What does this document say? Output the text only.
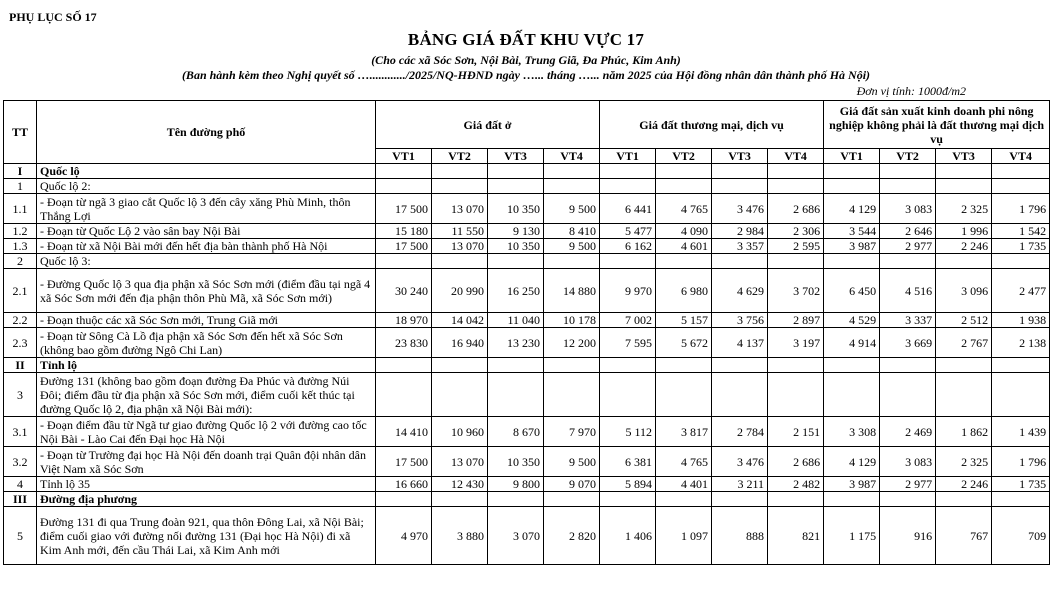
PHỤ LỤC SỐ 17
BẢNG GIÁ ĐẤT KHU VỰC 17
(Cho các xã Sóc Sơn, Nội Bài, Trung Giã, Đa Phúc, Kim Anh)
(Ban hành kèm theo Nghị quyết số …............/2025/NQ-HĐND ngày …... tháng …... năm 2025 của Hội đồng nhân dân thành phố Hà Nội)
Đơn vị tính: 1000đ/m2
TT	Tên đường phố	Giá đất ở				Giá đất thương mại, dịch vụ				Giá đất sản xuất kinh doanh phi nông nghiệp không phải là đất thương mại dịch vụ			
		VT1	VT2	VT3	VT4	VT1	VT2	VT3	VT4	VT1	VT2	VT3	VT4
I	Quốc lộ												
1	Quốc lộ 2:												
1.1	- Đoạn từ ngã 3 giao cắt Quốc lộ 3 đến cây xăng Phù Minh, thôn Thắng Lợi	17 500	13 070	10 350	9 500	6 441	4 765	3 476	2 686	4 129	3 083	2 325	1 796
1.2	- Đoạn từ Quốc Lộ 2 vào sân bay Nội Bài	15 180	11 550	9 130	8 410	5 477	4 090	2 984	2 306	3 544	2 646	1 996	1 542
1.3	- Đoạn từ xã Nội Bài mới đến hết địa bàn thành phố Hà Nội	17 500	13 070	10 350	9 500	6 162	4 601	3 357	2 595	3 987	2 977	2 246	1 735
2	Quốc lộ 3:												
2.1	- Đường Quốc lộ 3 qua địa phận xã Sóc Sơn mới (điểm đầu tại ngã 4 xã Sóc Sơn mới đến địa phận thôn Phù Mã, xã Sóc Sơn mới)	30 240	20 990	16 250	14 880	9 970	6 980	4 629	3 702	6 450	4 516	3 096	2 477
2.2	- Đoạn thuộc các xã Sóc Sơn mới, Trung Giã mới	18 970	14 042	11 040	10 178	7 002	5 157	3 756	2 897	4 529	3 337	2 512	1 938
2.3	- Đoạn từ Sông Cà Lồ địa phận xã Sóc Sơn đến hết xã Sóc Sơn (không bao gồm đường Ngô Chi Lan)	23 830	16 940	13 230	12 200	7 595	5 672	4 137	3 197	4 914	3 669	2 767	2 138
II	Tỉnh lộ												
3	Đường 131 (không bao gồm đoạn đường Đa Phúc và đường Núi Đôi; điểm đầu từ địa phận xã Sóc Sơn mới, điểm cuối kết thúc tại đường Quốc lộ 2, địa phận xã Nội Bài mới):												
3.1	- Đoạn điểm đầu từ Ngã tư giao đường Quốc lộ 2 với đường cao tốc Nội Bài - Lào Cai đến Đại học Hà Nội	14 410	10 960	8 670	7 970	5 112	3 817	2 784	2 151	3 308	2 469	1 862	1 439
3.2	- Đoạn từ Trường đại học Hà Nội đến doanh trại Quân đội nhân dân Việt Nam xã Sóc Sơn	17 500	13 070	10 350	9 500	6 381	4 765	3 476	2 686	4 129	3 083	2 325	1 796
4	Tỉnh lộ 35	16 660	12 430	9 800	9 070	5 894	4 401	3 211	2 482	3 987	2 977	2 246	1 735
III	Đường địa phương												
5	Đường 131 đi qua Trung đoàn 921, qua thôn Đông Lai, xã Nội Bài; điểm cuối giao với đường nối đường 131 (Đại học Hà Nội) đi xã Kim Anh mới, đến cầu Thái Lai, xã Kim Anh mới	4 970	3 880	3 070	2 820	1 406	1 097	888	821	1 175	916	767	709
